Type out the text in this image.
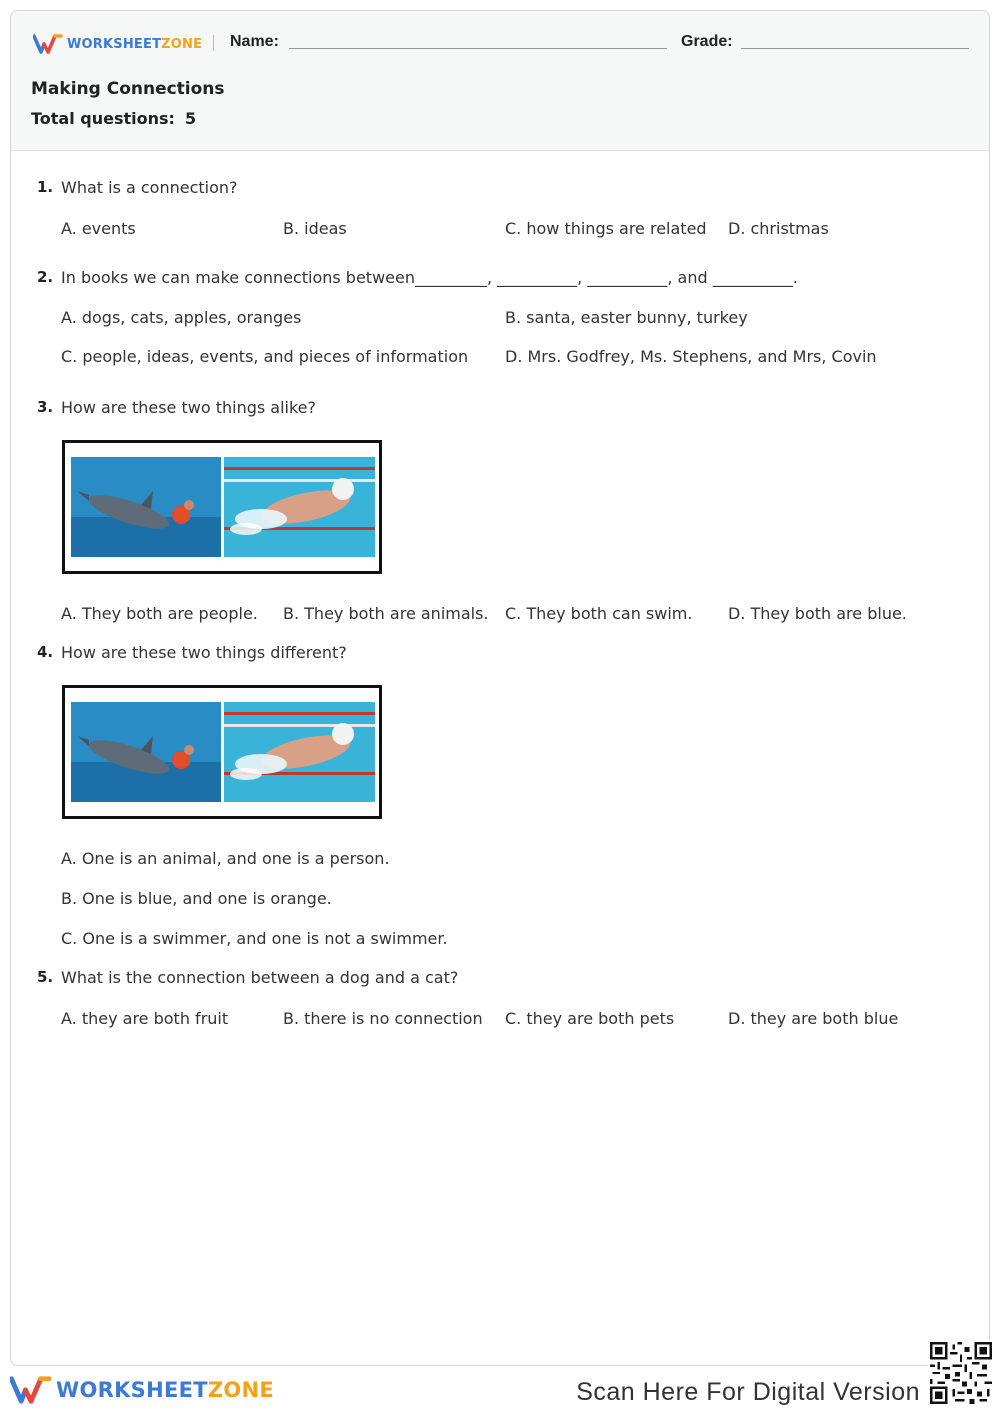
WORKSHEETZONE Name:	Grade:
Making Connections
Total questions: 5
1. What is a connection?
A. events	B. ideas	C. how things are related D. christmas
2. In books we can make connections between_________, __________, __________, and __________.
A. dogs, cats, apples, oranges	B. santa, easter bunny, turkey
C. people, ideas, events, and pieces of information D. Mrs. Godfrey, Ms. Stephens, and Mrs, Covin
3. How are these two things alike?
A. They both are people. B. They both are animals. C. They both can swim. D. They both are blue.
4. How are these two things different?
A. One is an animal, and one is a person.
B. One is blue, and one is orange.
C. One is a swimmer, and one is not a swimmer.
5. What is the connection between a dog and a cat?
A. they are both fruit	B. there is no connection C. they are both pets	D. they are both blue
WORKSHEETZONE	Scan Here For Digital Version
